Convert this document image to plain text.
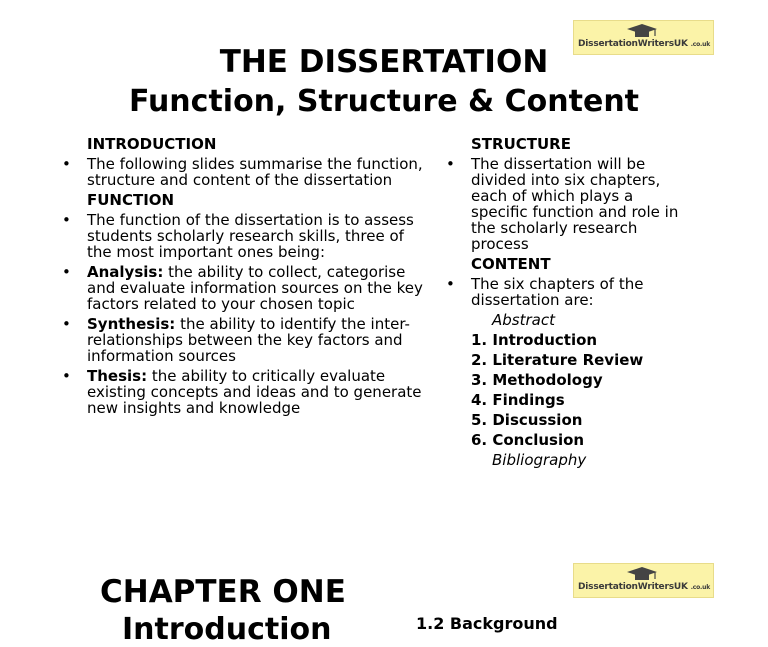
DissertationWritersUK .co.uk
THE DISSERTATION
Function, Structure & Content
INTRODUCTION
• The following slides summarise the function, structure and content of the dissertation
FUNCTION
• The function of the dissertation is to assess students scholarly research skills, three of the most important ones being:
• Analysis: the ability to collect, categorise and evaluate information sources on the key factors related to your chosen topic
• Synthesis: the ability to identify the inter-relationships between the key factors and information sources
• Thesis: the ability to critically evaluate existing concepts and ideas and to generate new insights and knowledge
STRUCTURE
• The dissertation will be divided into six chapters, each of which plays a specific function and role in the scholarly research process
CONTENT
• The six chapters of the dissertation are:
Abstract
1. Introduction
2. Literature Review
3. Methodology
4. Findings
5. Discussion
6. Conclusion
Bibliography
DissertationWritersUK .co.uk
CHAPTER ONE
Introduction	1.2 Background
